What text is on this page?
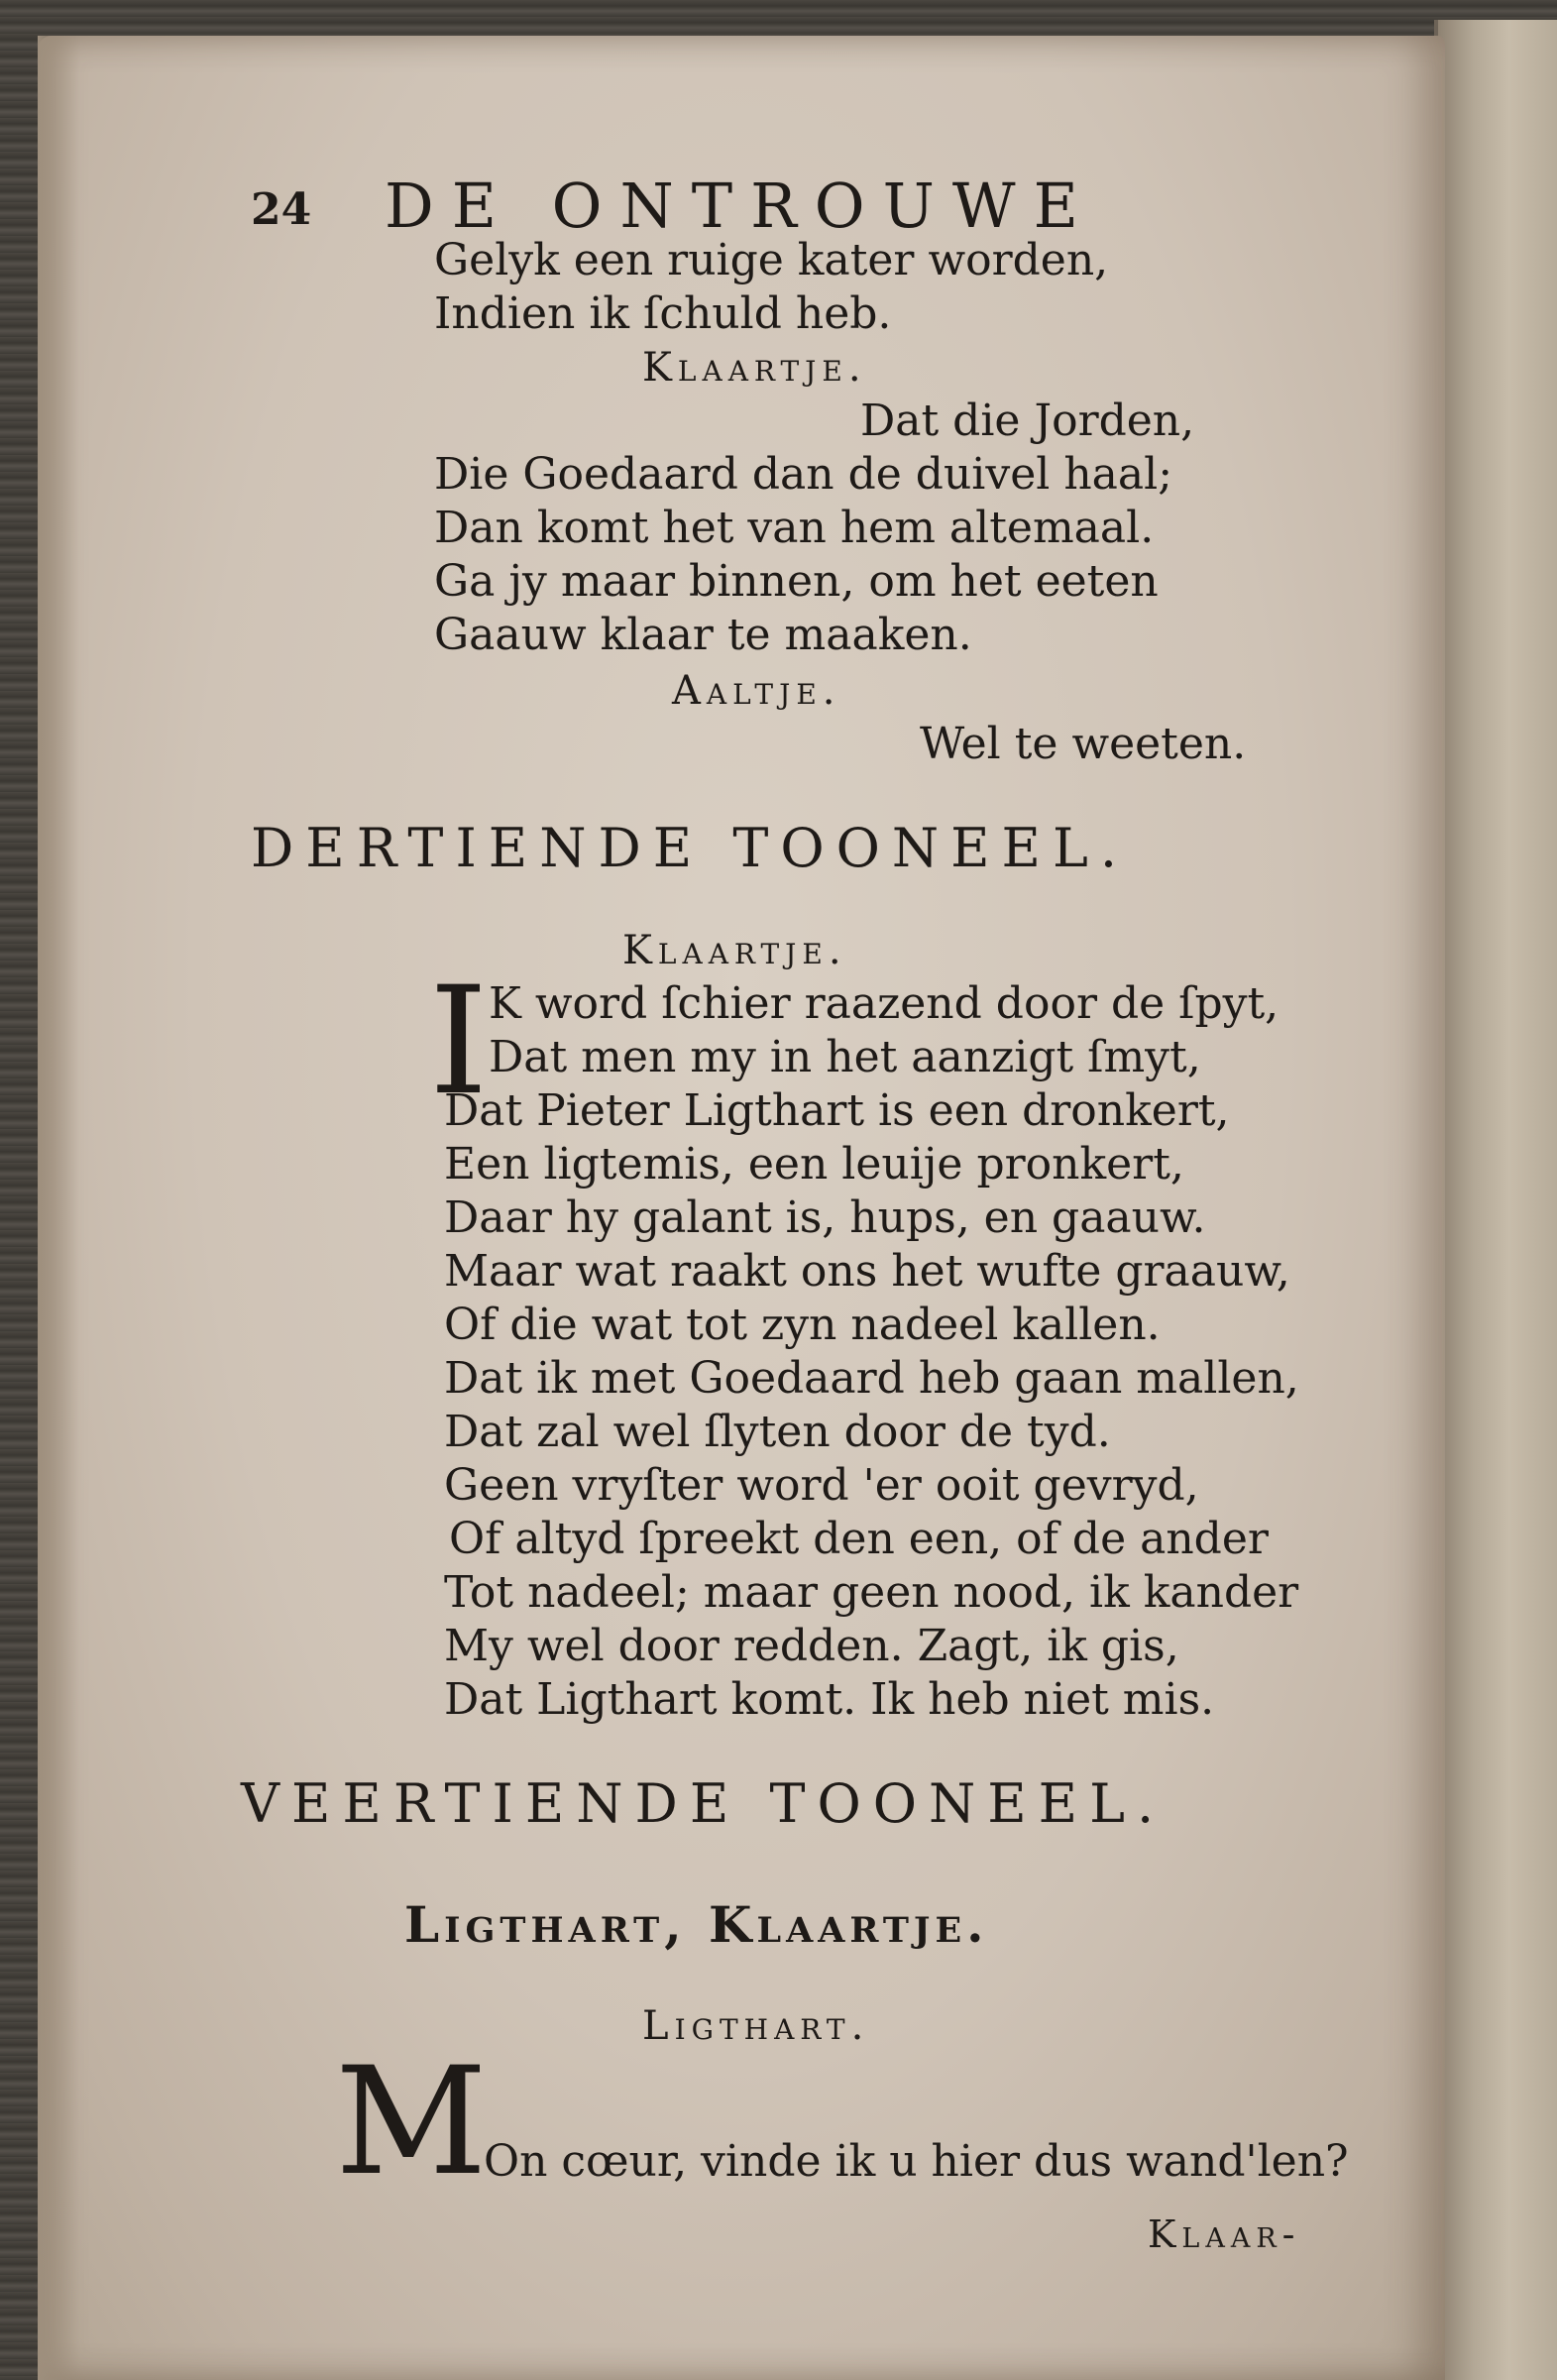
24 DE ONTROUWE
Gelyk een ruige kater worden,
Indien ik ſchuld heb.
Klaartje.
Dat die Jorden,
Die Goedaard dan de duivel haal;
Dan komt het van hem altemaal.
Ga jy maar binnen, om het eeten
Gaauw klaar te maaken.
Aaltje.
Wel te weeten.
DERTIENDE TOONEEL.
Klaartje.
I K word ſchier raazend door de ſpyt,
Dat men my in het aanzigt ſmyt,
Dat Pieter Ligthart is een dronkert,
Een ligtemis, een leuije pronkert,
Daar hy galant is, hups, en gaauw.
Maar wat raakt ons het wufte graauw,
Of die wat tot zyn nadeel kallen.
Dat ik met Goedaard heb gaan mallen,
Dat zal wel ſlyten door de tyd.
Geen vryſter word 'er ooit gevryd,
Of altyd ſpreekt den een, of de ander
Tot nadeel; maar geen nood, ik kander
My wel door redden. Zagt, ik gis,
Dat Ligthart komt. Ik heb niet mis.
VEERTIENDE TOONEEL.
Ligthart, Klaartje.
Ligthart.
M
On cœur, vinde ik u hier dus wand'len?
Klaar-
